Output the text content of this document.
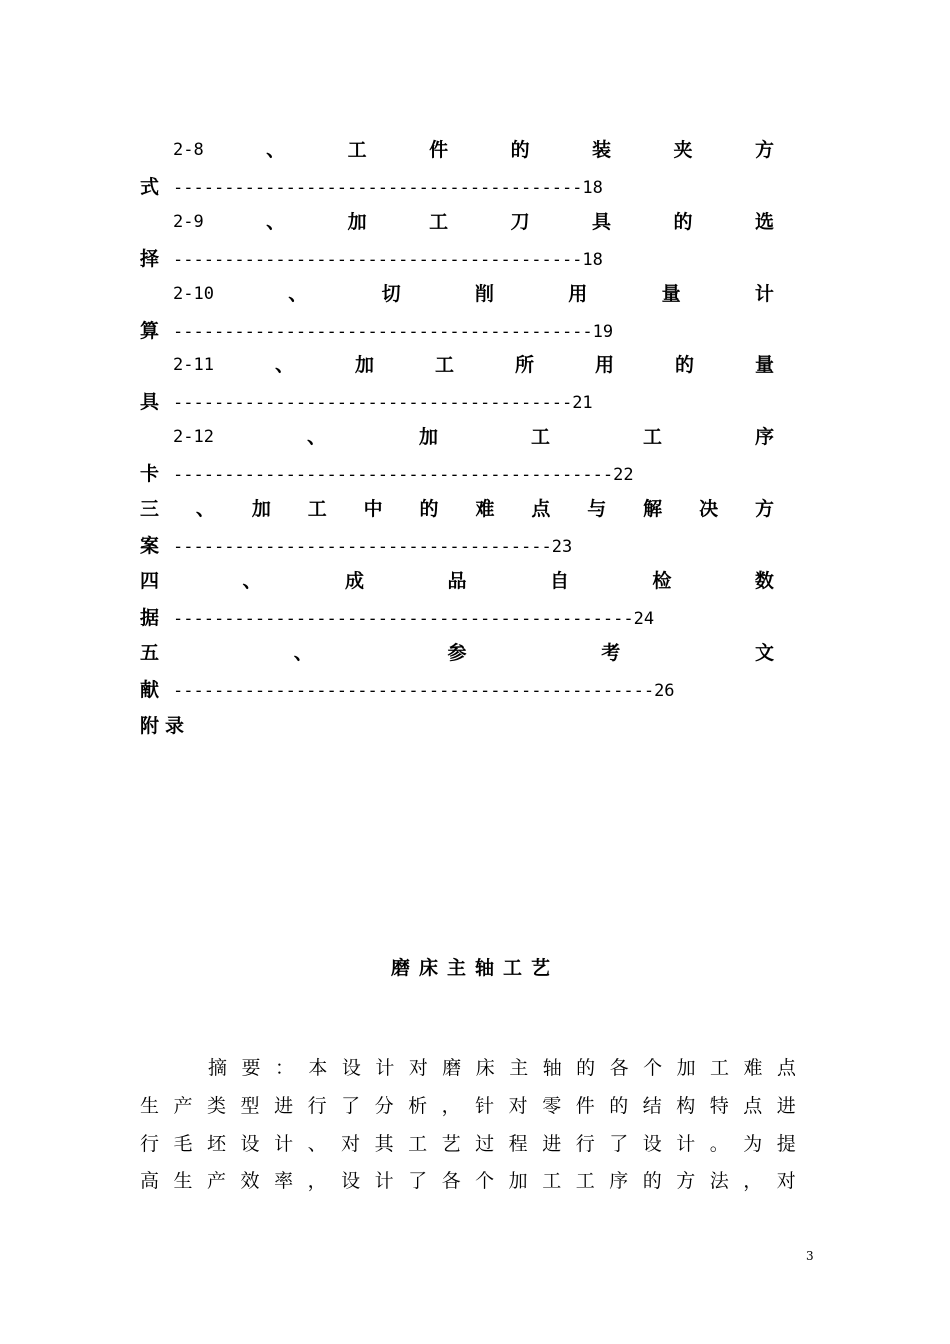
2-8	、	工	件	的	装	夹	方
式 ----------------------------------------18
2-9	、	加	工	刀	具	的	选
择 ----------------------------------------18
2-10	、	切	削	用	量	计
算 -----------------------------------------19
2-11	、	加	工	所	用	的	量
具 ---------------------------------------21
2-12	、	加	工	工	序
卡 -------------------------------------------22
三 、 加 工 中 的 难 点 与 解 决 方
案 -------------------------------------23
四	、	成	品	自	检	数
据 ---------------------------------------------24
五	、	参	考	文
献 -----------------------------------------------26
附录
磨床主轴工艺
摘 要 ： 本 设 计 对 磨 床 主 轴 的 各 个 加 工 难 点
生 产 类 型 进 行 了 分 析 ， 针 对 零 件 的 结 构 特 点 进
行 毛 坯 设 计 、 对 其 工 艺 过 程 进 行 了 设 计 。 为 提
高 生 产 效 率 ， 设 计 了 各 个 加 工 工 序 的 方 法 ， 对
3
